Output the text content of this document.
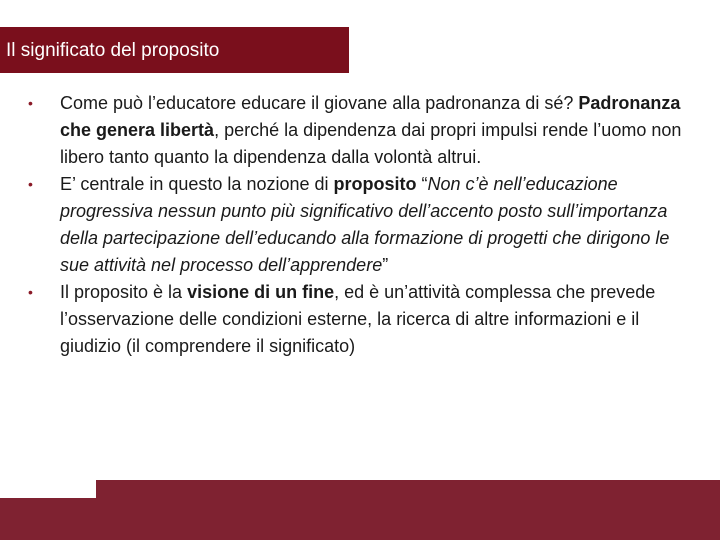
Il significato del proposito
•	Come può l’educatore educare il giovane alla padronanza di sé? Padronanza che genera libertà, perché la dipendenza dai propri impulsi rende l’uomo non libero tanto quanto la dipendenza dalla volontà altrui.
•	E’ centrale in questo la nozione di proposito “Non c’è nell’educazione progressiva nessun punto più significativo dell’accento posto sull’importanza della partecipazione dell’educando alla formazione di progetti che dirigono le sue attività nel processo dell’apprendere”
•	Il proposito è la visione di un fine, ed è un’attività complessa che prevede l’osservazione delle condizioni esterne, la ricerca di altre informazioni e il giudizio (il comprendere il significato)
